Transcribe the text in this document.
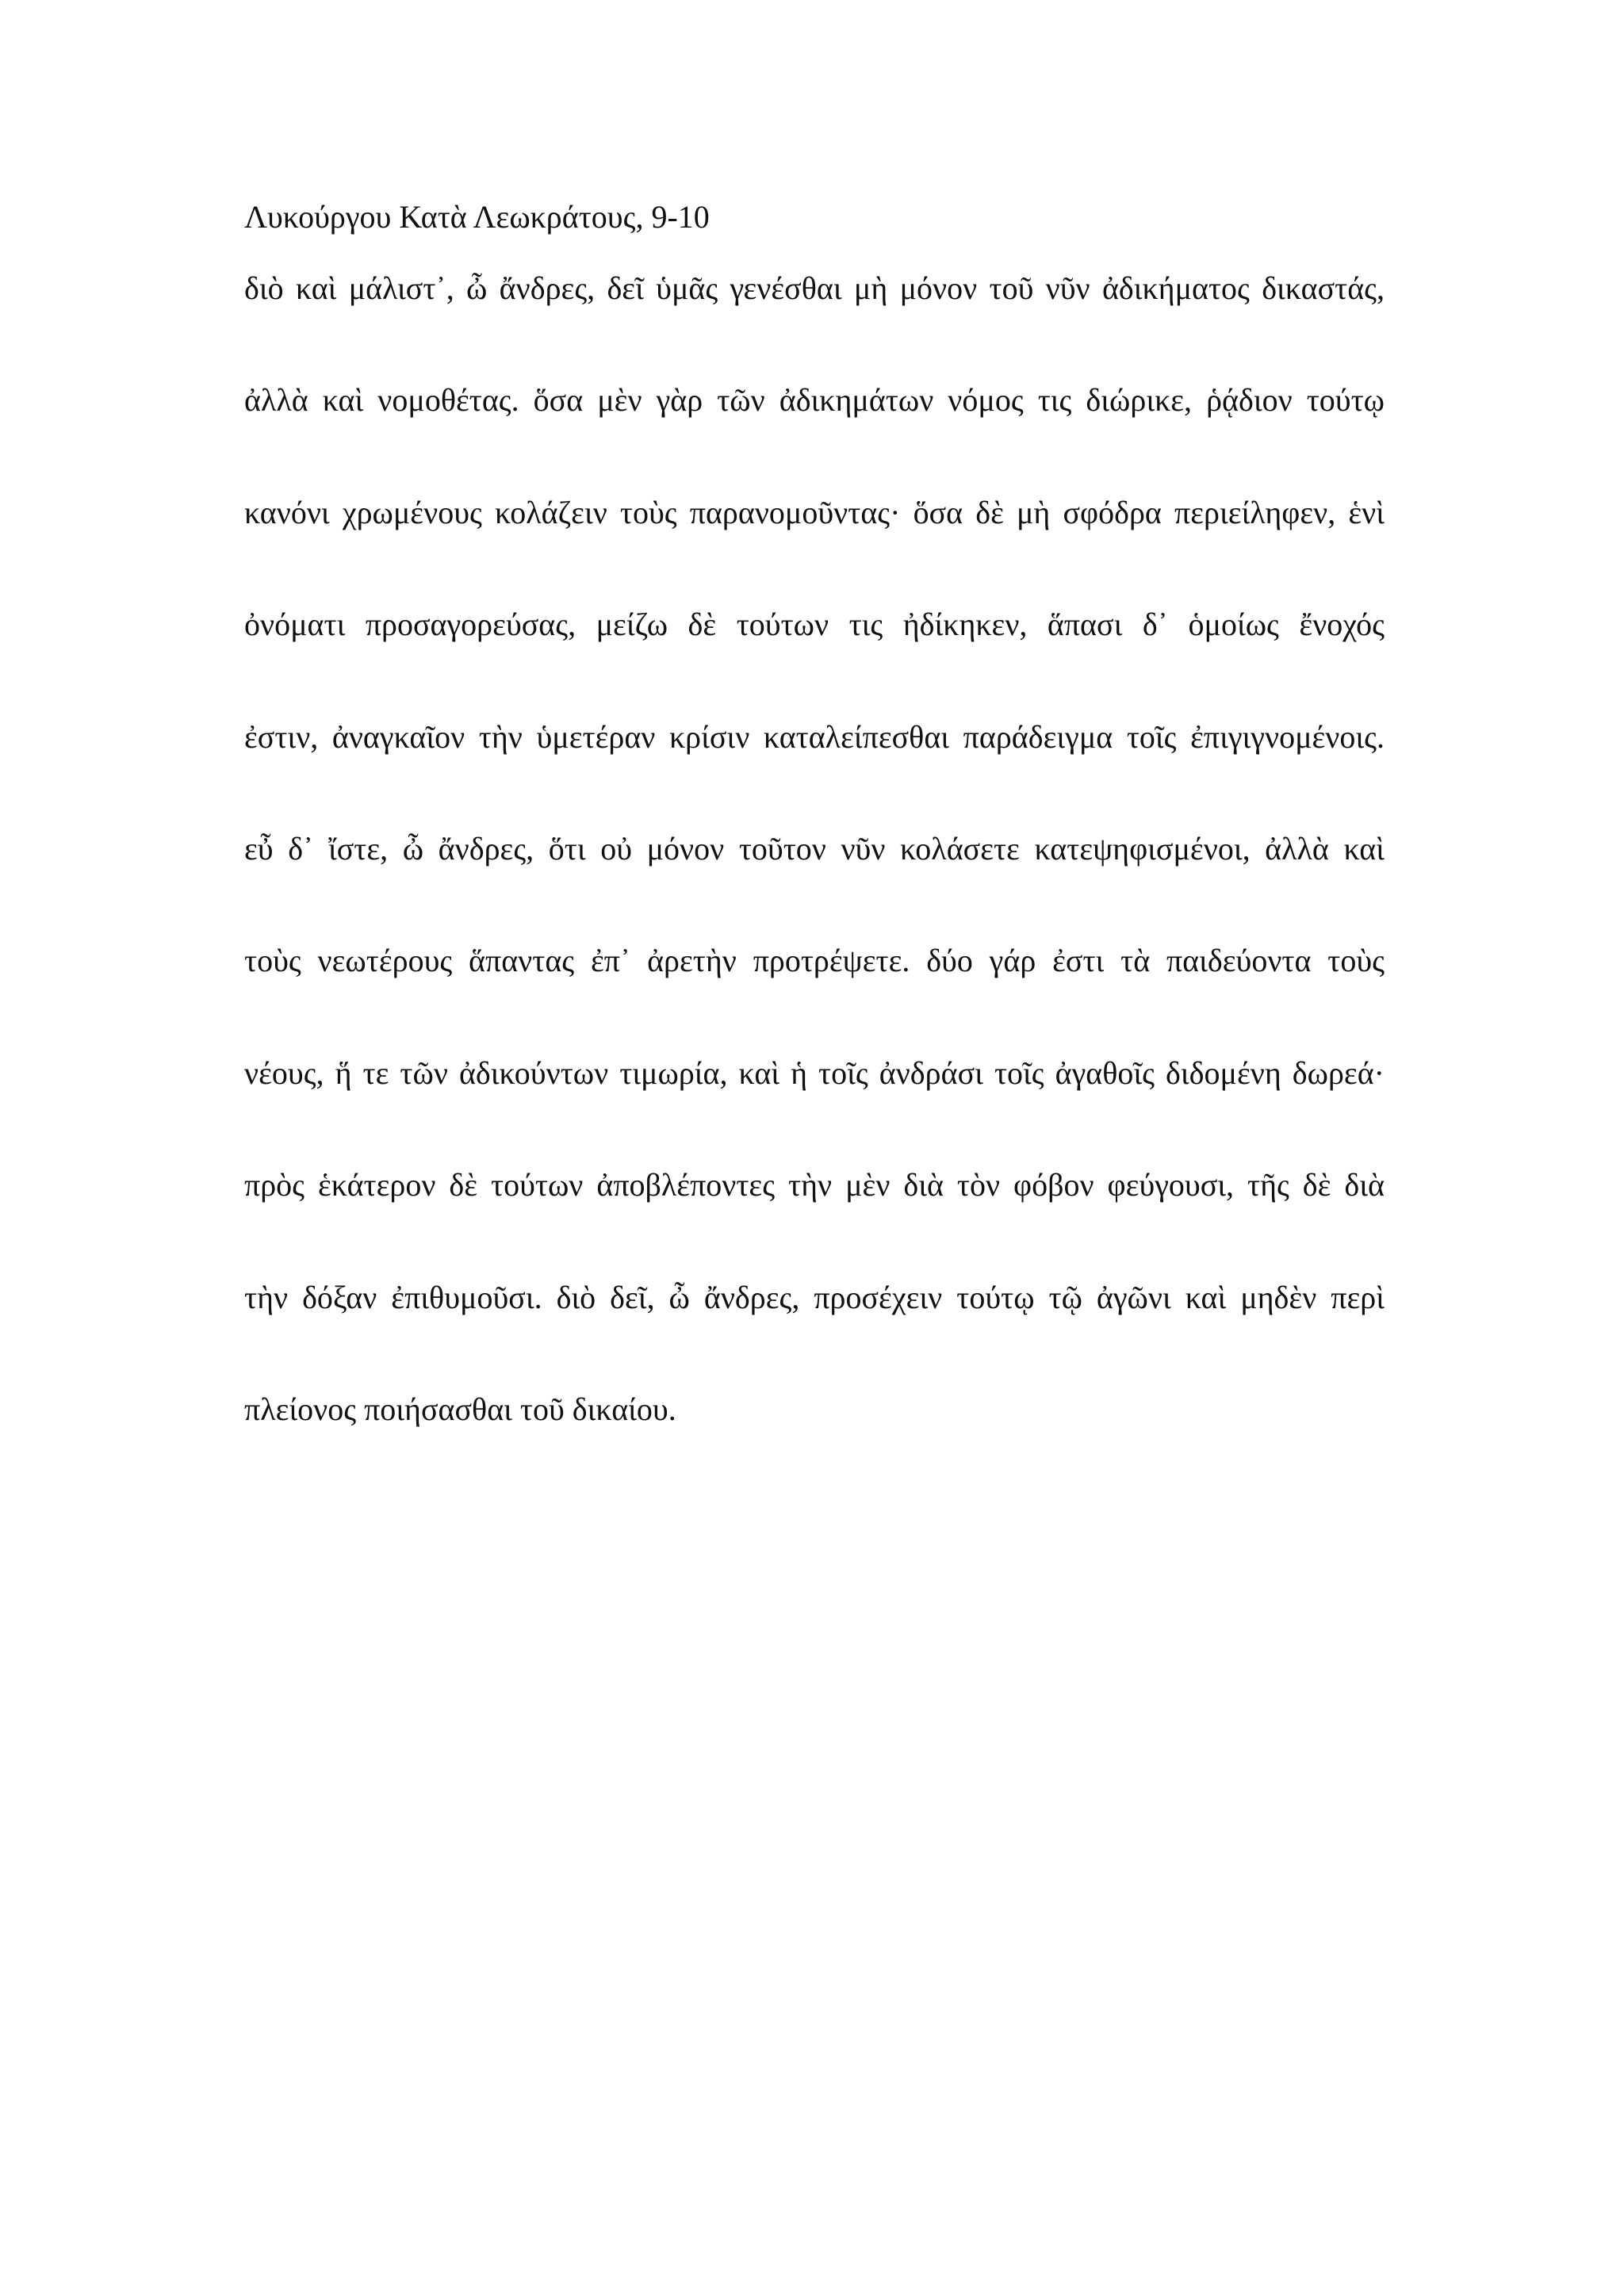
Λυκούργου Κατὰ Λεωκράτους, 9-10
διὸ καὶ μάλιστ᾽, ὦ ἄνδρες, δεῖ ὑμᾶς γενέσθαι μὴ μόνον τοῦ νῦν ἀδικήματος δικαστάς,
ἀλλὰ καὶ νομοθέτας. ὅσα μὲν γὰρ τῶν ἀδικημάτων νόμος τις διώρικε, ῥᾴδιον τούτῳ
κανόνι χρωμένους κολάζειν τοὺς παρανομοῦντας· ὅσα δὲ μὴ σφόδρα περιείληφεν, ἑνὶ
ὀνόματι προσαγορεύσας, μείζω δὲ τούτων τις ἠδίκηκεν, ἅπασι δ᾽ ὁμοίως ἔνοχός
ἐστιν, ἀναγκαῖον τὴν ὑμετέραν κρίσιν καταλείπεσθαι παράδειγμα τοῖς ἐπιγιγνομένοις.
εὖ δ᾽ ἴστε, ὦ ἄνδρες, ὅτι οὐ μόνον τοῦτον νῦν κολάσετε κατεψηφισμένοι, ἀλλὰ καὶ
τοὺς νεωτέρους ἅπαντας ἐπ᾽ ἀρετὴν προτρέψετε. δύο γάρ ἐστι τὰ παιδεύοντα τοὺς
νέους, ἥ τε τῶν ἀδικούντων τιμωρία, καὶ ἡ τοῖς ἀνδράσι τοῖς ἀγαθοῖς διδομένη δωρεά·
πρὸς ἑκάτερον δὲ τούτων ἀποβλέποντες τὴν μὲν διὰ τὸν φόβον φεύγουσι, τῆς δὲ διὰ
τὴν δόξαν ἐπιθυμοῦσι. διὸ δεῖ, ὦ ἄνδρες, προσέχειν τούτῳ τῷ ἀγῶνι καὶ μηδὲν περὶ
πλείονος ποιήσασθαι τοῦ δικαίου.
